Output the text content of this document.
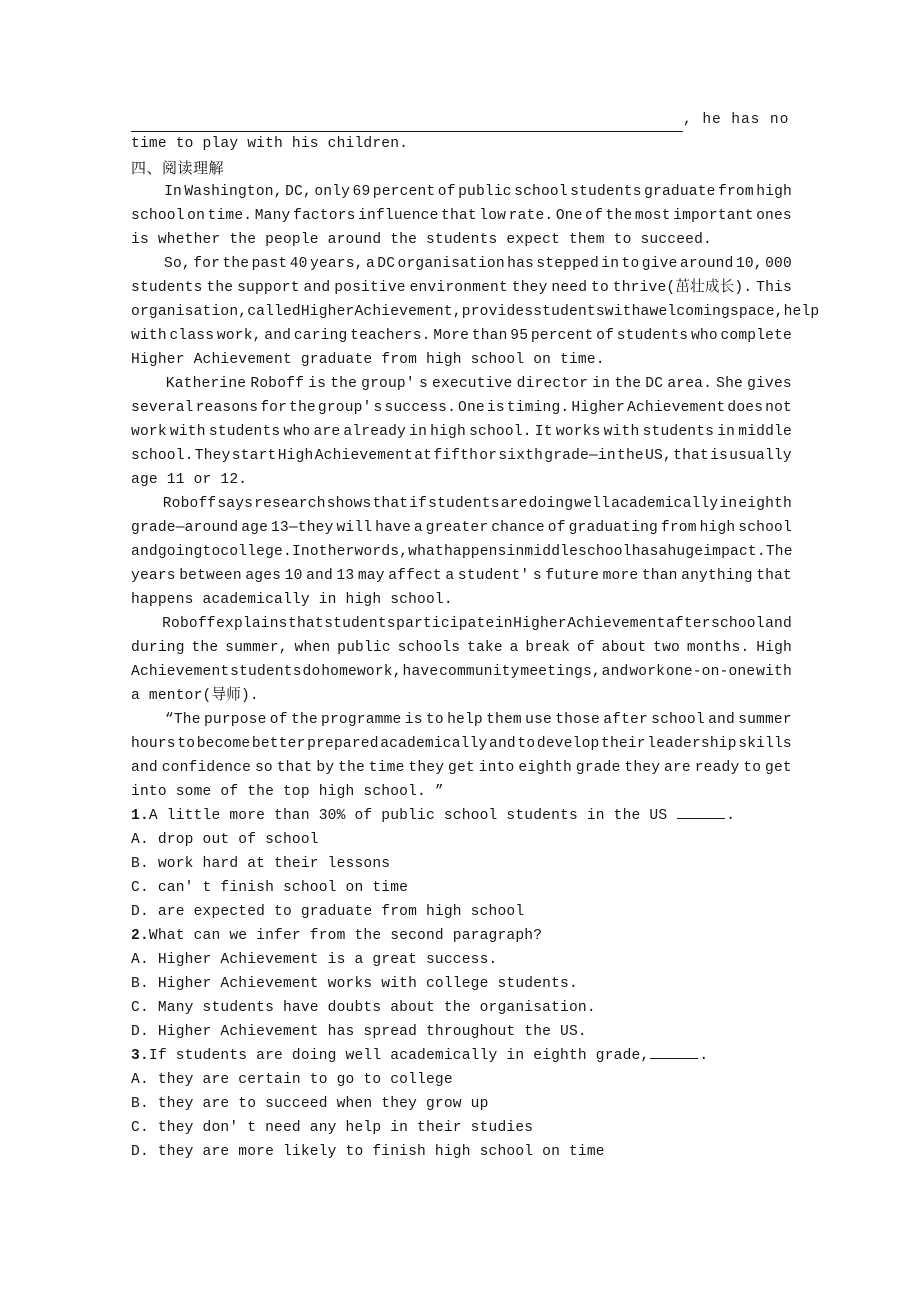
, he has no
time to play with his children.
四、阅读理解
In Washington, DC, only 69 percent of public school students graduate from high
school on time. Many factors influence that low rate. One of the most important ones
is whether the people around the students expect them to succeed.
So, for the past 40 years, a DC organisation has stepped in to give around 10, 000
students the support and positive environment they need to thrive(茁壮成长). This
organisation, called Higher Achievement, provides students with a welcoming space, help
with class work, and caring teachers. More than 95 percent of students who complete
Higher Achievement graduate from high school on time.
Katherine Roboff is the group' s executive director in the DC area. She gives
several reasons for the group' s success. One is timing. Higher Achievement does not
work with students who are already in high school. It works with students in middle
school. They start High Achievement at fifth or sixth grade—in the US, that is usually
age 11 or 12.
Roboff says research shows that if students are doing well academically in eighth
grade—around age 13—they will have a greater chance of graduating from high school
and going to college. In other words, what happens in middle school has a huge impact. The
years between ages 10 and 13 may affect a student' s future more than anything that
happens academically in high school.
Roboff explains that students participate in Higher Achievement after school and
during the summer, when public schools take a break of about two months. High
Achievement students do homework, have community meetings, and work one-on-one with
a mentor(导师).
“The purpose of the programme is to help them use those after school and summer
hours to become better prepared academically and to develop their leadership skills
and confidence so that by the time they get into eighth grade they are ready to get
into some of the top high school. ”
1.A little more than 30% of public school students in the US	.
A. drop out of school
B. work hard at their lessons
C. can' t finish school on time
D. are expected to graduate from high school
2.What can we infer from the second paragraph?
A. Higher Achievement is a great success.
B. Higher Achievement works with college students.
C. Many students have doubts about the organisation.
D. Higher Achievement has spread throughout the US.
3.If students are doing well academically in eighth grade,	.
A. they are certain to go to college
B. they are to succeed when they grow up
C. they don' t need any help in their studies
D. they are more likely to finish high school on time
